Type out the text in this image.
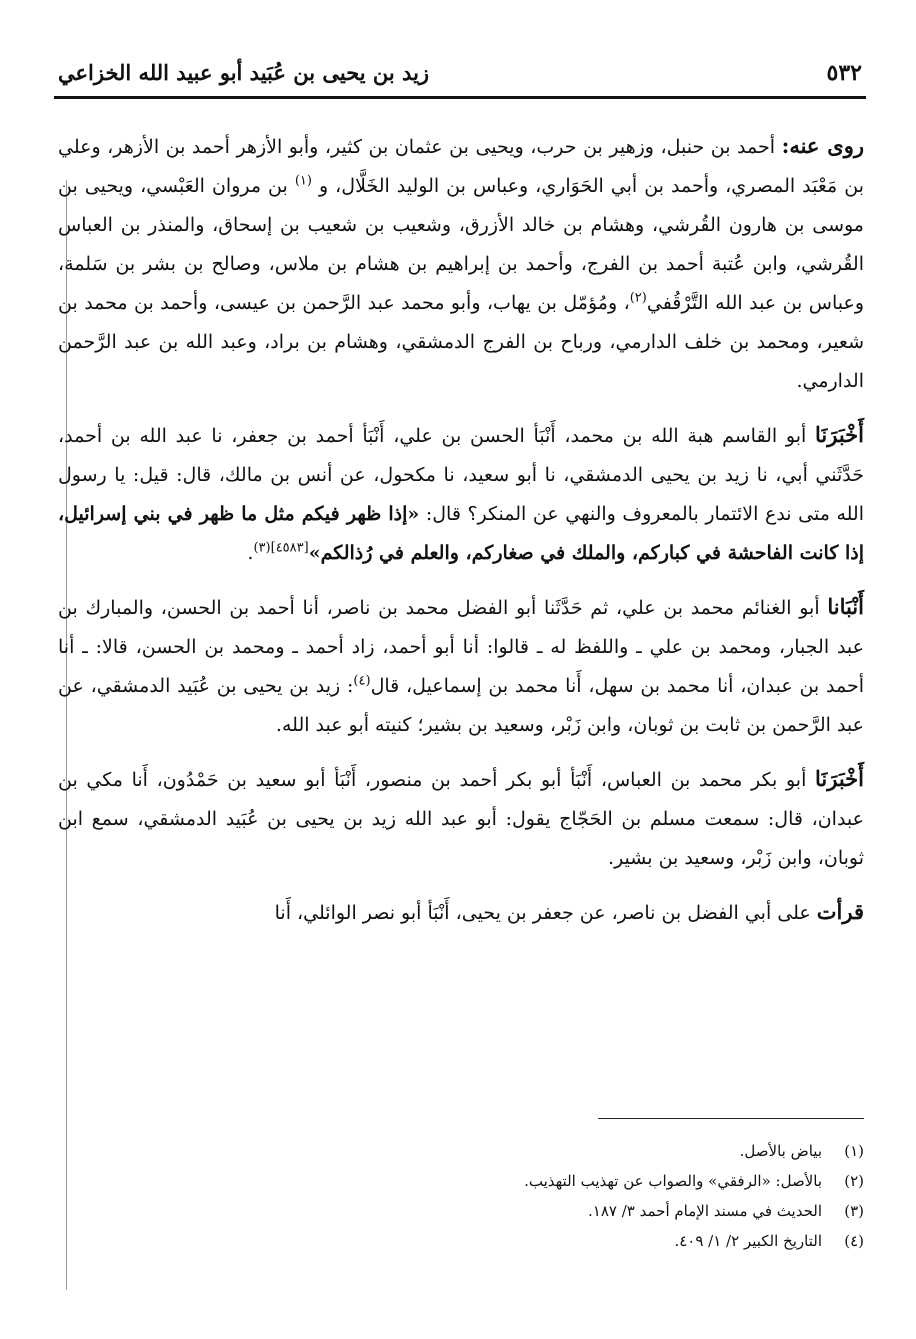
٥٣٢
زيد بن يحيى بن عُبَيد أبو عبيد الله الخزاعي

روى عنه: أحمد بن حنبل، وزهير بن حرب، ويحيى بن عثمان بن كثير، وأبو الأزهر أحمد بن الأزهر، وعلي بن مَعْبَد المصري، وأحمد بن أبي الحَوَاري، وعباس بن الوليد الخَلَّال، و $^{(١)}$ بن مروان العَبْسي، ويحيى بن موسى بن هارون القُرشي، وهشام بن خالد الأزرق، وشعيب بن شعيب بن إسحاق، والمنذر بن العباس القُرشي، وابن عُتبة أحمد بن الفرج، وأحمد بن إبراهيم بن هشام بن ملاس، وصالح بن بشر بن سَلمة، وعباس بن عبد الله التَّرْقُفي$^{(٢)}$، ومُؤمّل بن يهاب، وأبو محمد عبد الرَّحمن بن عيسى، وأحمد بن محمد بن شعير، ومحمد بن خلف الدارمي، ورباح بن الفرج الدمشقي، وهشام بن براد، وعبد الله بن عبد الرَّحمن الدارمي.

أَخْبَرَنَا أبو القاسم هبة الله بن محمد، أَنْبَأ الحسن بن علي، أَنْبَأ أحمد بن جعفر، نا عبد الله بن أحمد، حَدَّثَني أبي، نا زيد بن يحيى الدمشقي، نا أبو سعيد، نا مكحول، عن أنس بن مالك، قال: قيل: يا رسول الله متى ندع الائتمار بالمعروف والنهي عن المنكر؟ قال: «إذا ظهر فيكم مثل ما ظهر في بني إسرائيل، إذا كانت الفاحشة في كباركم، والملك في صغاركم، والعلم في رُذالكم»$^{[٤٥٨٣](٣)}$.

أَنْبَانا أبو الغنائم محمد بن علي، ثم حَدَّثَنا أبو الفضل محمد بن ناصر، أنا أحمد بن الحسن، والمبارك بن عبد الجبار، ومحمد بن علي ـ واللفظ له ـ قالوا: أنا أبو أحمد، زاد أحمد ـ ومحمد بن الحسن، قالا: ـ أنا أحمد بن عبدان، أنا محمد بن سهل، أَنا محمد بن إسماعيل، قال$^{(٤)}$: زيد بن يحيى بن عُبَيد الدمشقي، عن عبد الرَّحمن بن ثابت بن ثوبان، وابن زَبْر، وسعيد بن بشير؛ كنيته أبو عبد الله.

أَخْبَرَنَا أبو بكر محمد بن العباس، أَنْبَأ أبو بكر أحمد بن منصور، أَنْبَأ أبو سعيد بن حَمْدُون، أَنا مكي بن عبدان، قال: سمعت مسلم بن الحَجّاج يقول: أبو عبد الله زيد بن يحيى بن عُبَيد الدمشقي، سمع ابن ثوبان، وابن زَبْر، وسعيد بن بشير.

قرأت على أبي الفضل بن ناصر، عن جعفر بن يحيى، أَنْبَأ أبو نصر الوائلي، أَنا

(١)
بياض بالأصل.
(٢)
بالأصل: «الرفقي» والصواب عن تهذيب التهذيب.
(٣)
الحديث في مسند الإمام أحمد ٣/ ١٨٧.
(٤)
التاريخ الكبير ٢/ ١/ ٤٠٩.
